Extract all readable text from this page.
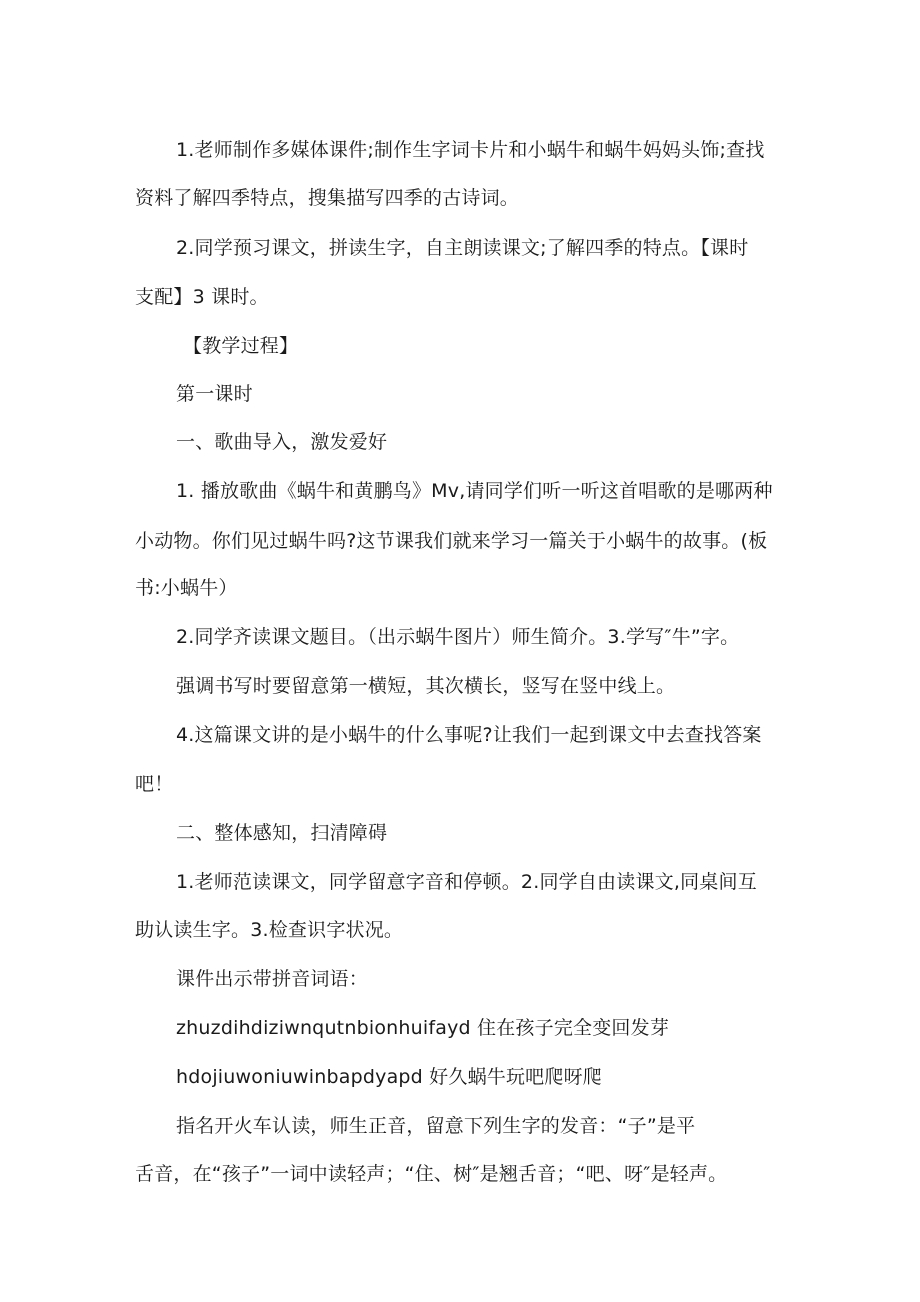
1.老师制作多媒体课件;制作生字词卡片和小蜗牛和蜗牛妈妈头饰;查找
资料了解四季特点，搜集描写四季的古诗词。
2.同学预习课文，拼读生字，自主朗读课文;了解四季的特点。【课时
支配】3 课时。
【教学过程】
第一课时
一、歌曲导入，激发爱好
1. 播放歌曲《蜗牛和黄鹏鸟》Mv,请同学们听一听这首唱歌的是哪两种
小动物。你们见过蜗牛吗?这节课我们就来学习一篇关于小蜗牛的故事。(板
书:小蜗牛）
2.同学齐读课文题目。（出示蜗牛图片）师生简介。3.学写″牛”字。
强调书写时要留意第一横短，其次横长，竖写在竖中线上。
4.这篇课文讲的是小蜗牛的什么事呢?让我们一起到课文中去查找答案
吧！
二、整体感知，扫清障碍
1.老师范读课文，同学留意字音和停顿。2.同学自由读课文,同桌间互
助认读生字。3.检查识字状况。
课件出示带拼音词语：
zhuzdihdiziwnqutnbionhuifayd 住在孩子完全变回发芽
hdojiuwoniuwinbapdyapd 好久蜗牛玩吧爬呀爬
指名开火车认读，师生正音，留意下列生字的发音：“子”是平
舌音，在“孩子”一词中读轻声；“住、树″是翘舌音；“吧、呀″是轻声。
